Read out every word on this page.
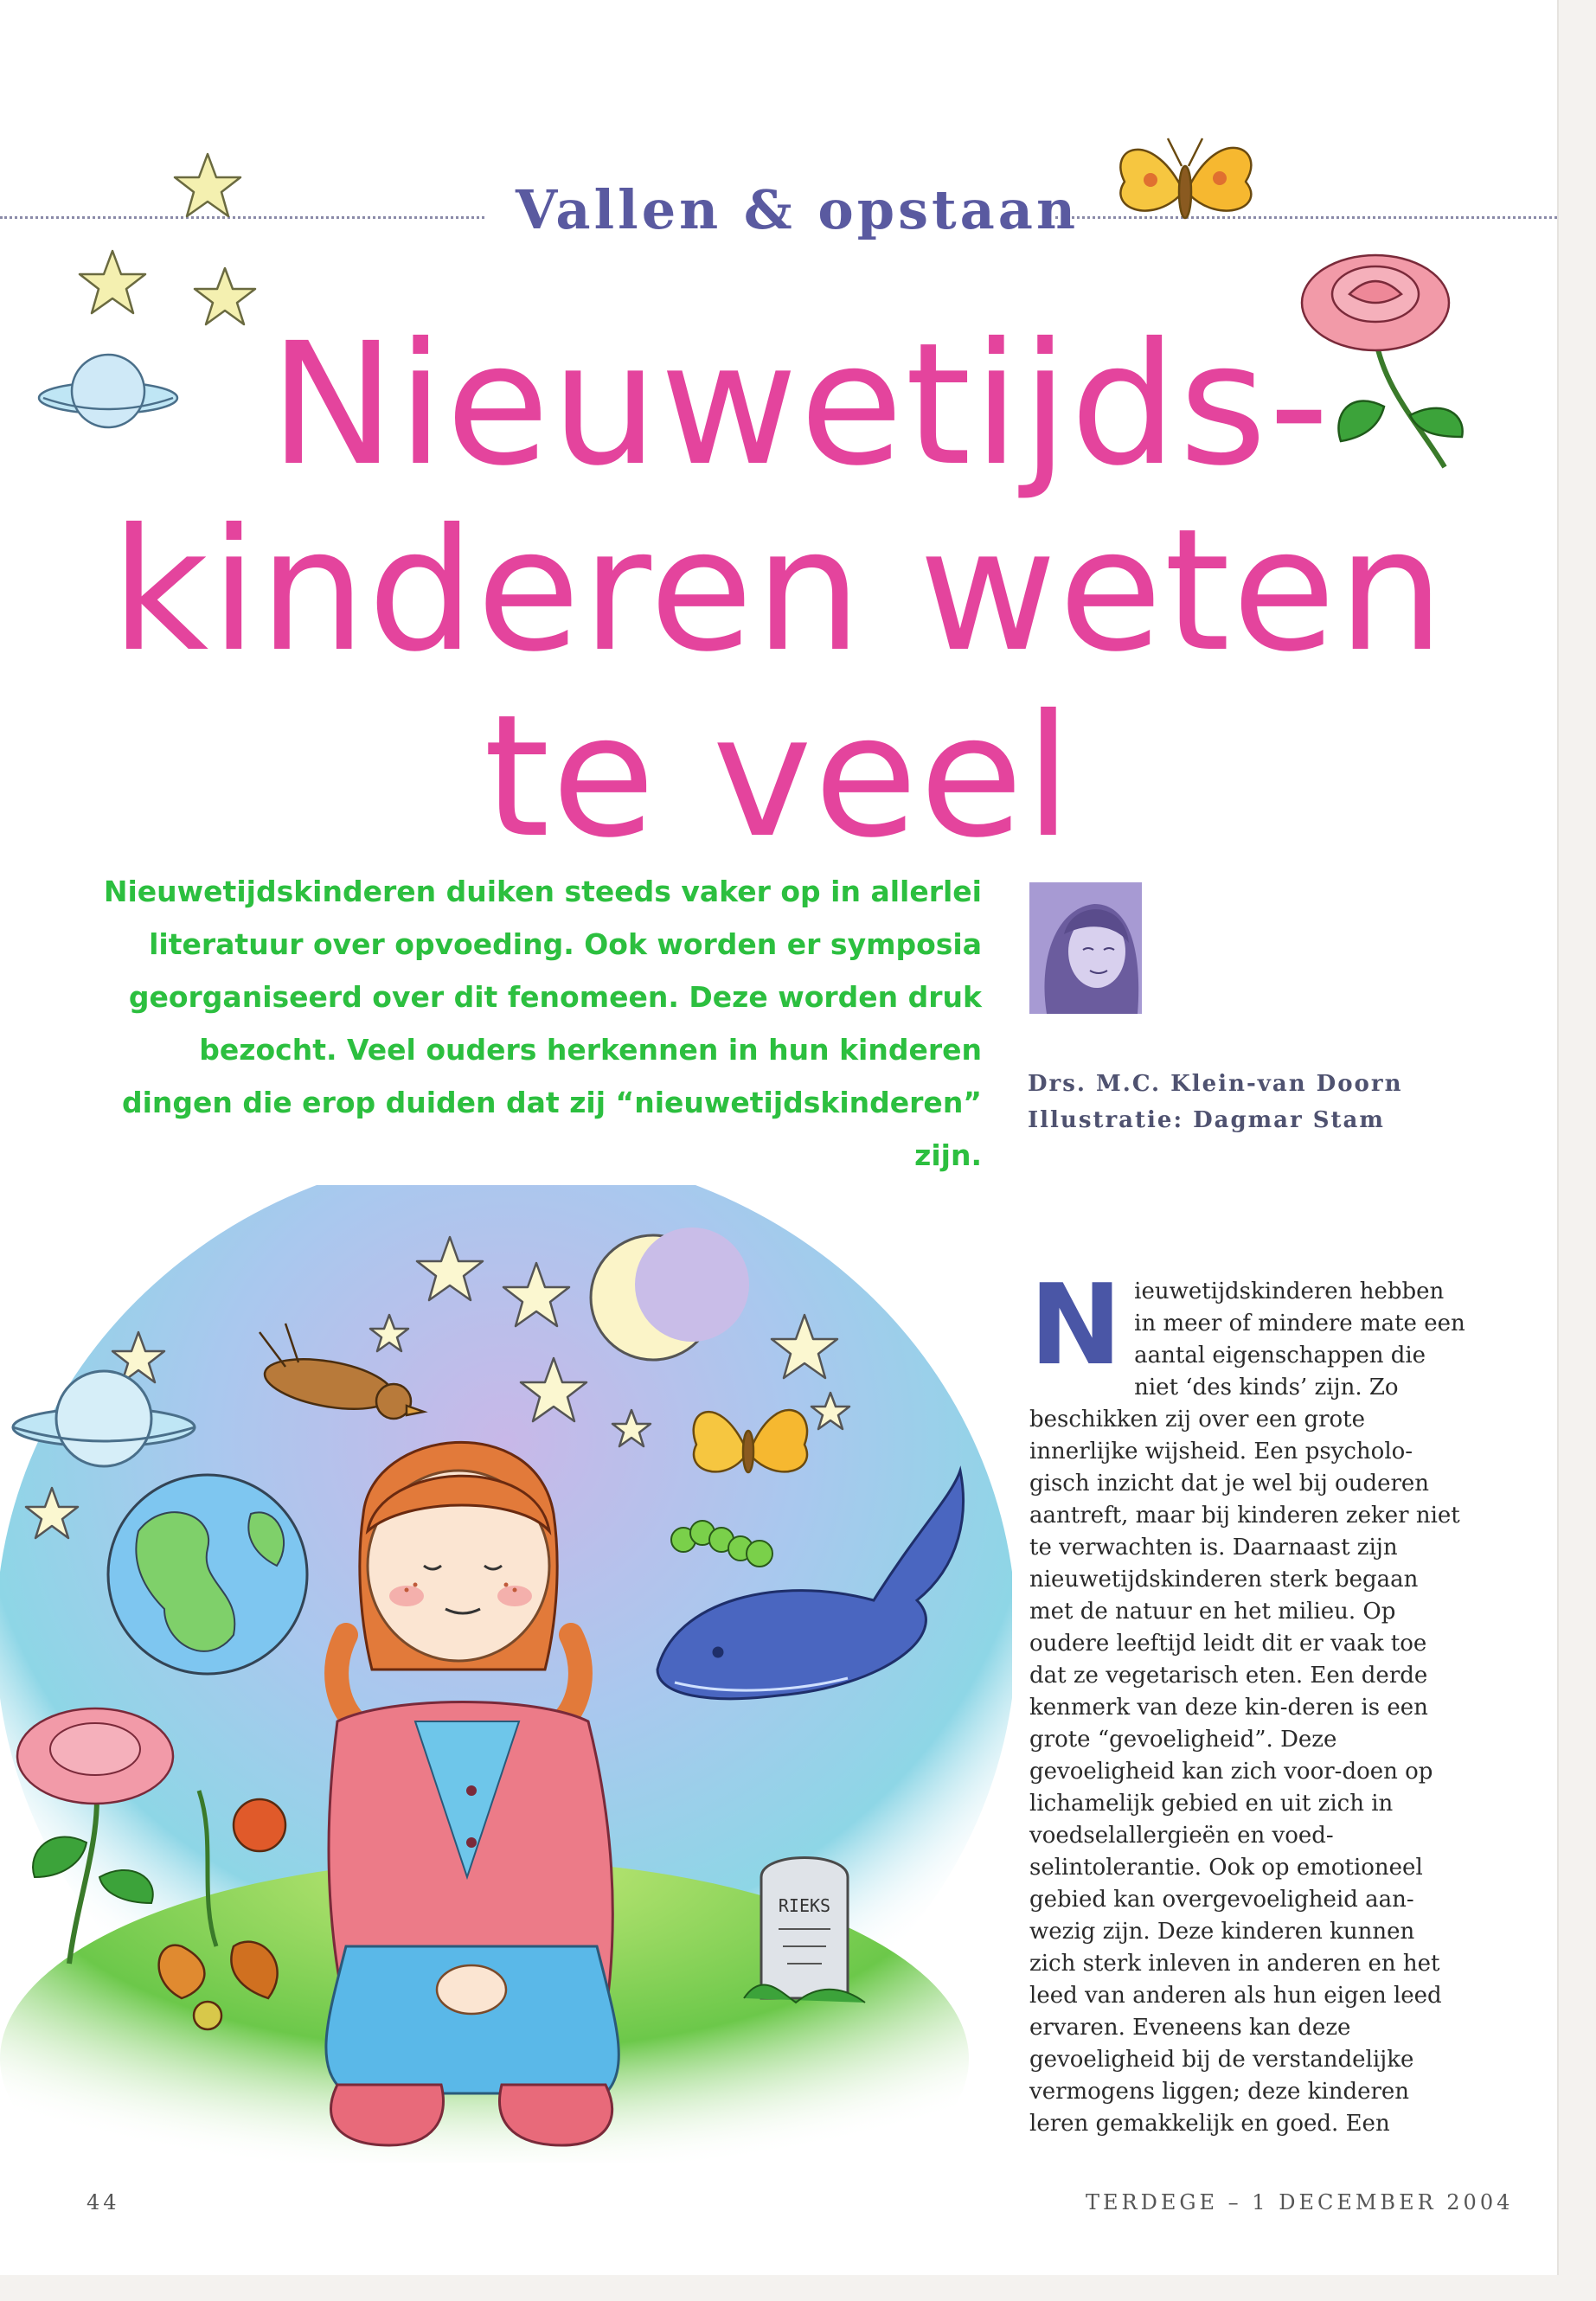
Vallen & opstaan
Nieuwetijds-
kinderen weten
te veel

Nieuwetijdskinderen duiken steeds vaker op in allerlei literatuur over opvoeding. Ook worden er symposia georganiseerd over dit fenomeen. Deze worden druk bezocht. Veel ouders herkennen in hun kinderen dingen die erop duiden dat zij “nieuwetijdskinderen” zijn.

Drs. M.C. Klein-van Doorn
Illustratie: Dagmar Stam
RIEKS
N ieuwetijdskinderen hebben in meer of mindere mate een aantal eigenschappen die niet ‘des kinds’ zijn. Zo beschikken zij over een grote innerlijke wijsheid. Een psycholo-gisch inzicht dat je wel bij ouderen aantreft, maar bij kinderen zeker niet te verwachten is. Daarnaast zijn nieuwetijdskinderen sterk begaan met de natuur en het milieu. Op oudere leeftijd leidt dit er vaak toe dat ze vegetarisch eten. Een derde kenmerk van deze kin-deren is een grote “gevoeligheid”. Deze gevoeligheid kan zich voor-doen op lichamelijk gebied en uit zich in voedselallergieën en voed-selintolerantie. Ook op emotioneel gebied kan overgevoeligheid aan-wezig zijn. Deze kinderen kunnen zich sterk inleven in anderen en het leed van anderen als hun eigen leed ervaren. Eveneens kan deze gevoeligheid bij de verstandelijke vermogens liggen; deze kinderen leren gemakkelijk en goed. Een
44	TERDEGE – 1 DECEMBER 2004
